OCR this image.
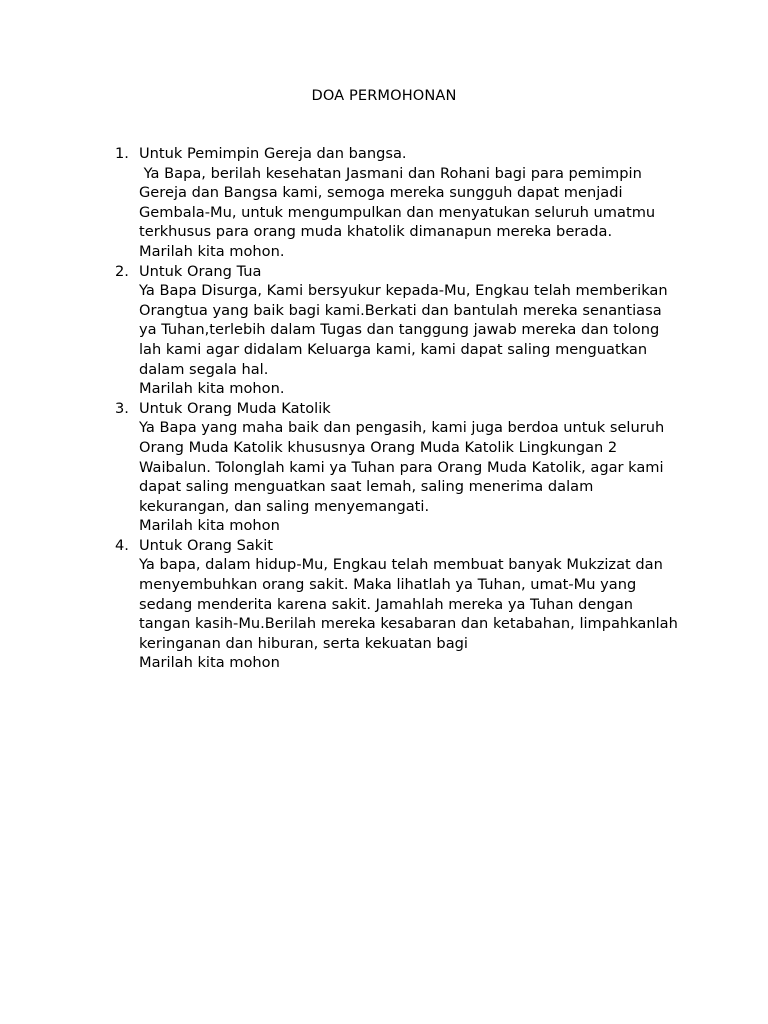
DOA PERMOHONAN
1. Untuk Pemimpin Gereja dan bangsa.
Ya Bapa, berilah kesehatan Jasmani dan Rohani bagi para pemimpin Gereja dan Bangsa kami, semoga mereka sungguh dapat menjadi Gembala-Mu, untuk mengumpulkan dan menyatukan seluruh umatmu terkhusus para orang muda khatolik dimanapun mereka berada.
Marilah kita mohon.
2. Untuk Orang Tua
Ya Bapa Disurga, Kami bersyukur kepada-Mu, Engkau telah memberikan Orangtua yang baik bagi kami.Berkati dan bantulah mereka senantiasa ya Tuhan,terlebih dalam Tugas dan tanggung jawab mereka dan tolong lah kami agar didalam Keluarga kami, kami dapat saling menguatkan dalam segala hal.
Marilah kita mohon.
3. Untuk Orang Muda Katolik
Ya Bapa yang maha baik dan pengasih, kami juga berdoa untuk seluruh Orang Muda Katolik khususnya Orang Muda Katolik Lingkungan 2 Waibalun. Tolonglah kami ya Tuhan para Orang Muda Katolik, agar kami dapat saling menguatkan saat lemah, saling menerima dalam kekurangan, dan saling menyemangati.
Marilah kita mohon
4. Untuk Orang Sakit
Ya bapa, dalam hidup-Mu, Engkau telah membuat banyak Mukzizat dan menyembuhkan orang sakit. Maka lihatlah ya Tuhan, umat-Mu yang sedang menderita karena sakit. Jamahlah mereka ya Tuhan dengan tangan kasih-Mu.Berilah mereka kesabaran dan ketabahan, limpahkanlah keringanan dan hiburan, serta kekuatan bagi
Marilah kita mohon
